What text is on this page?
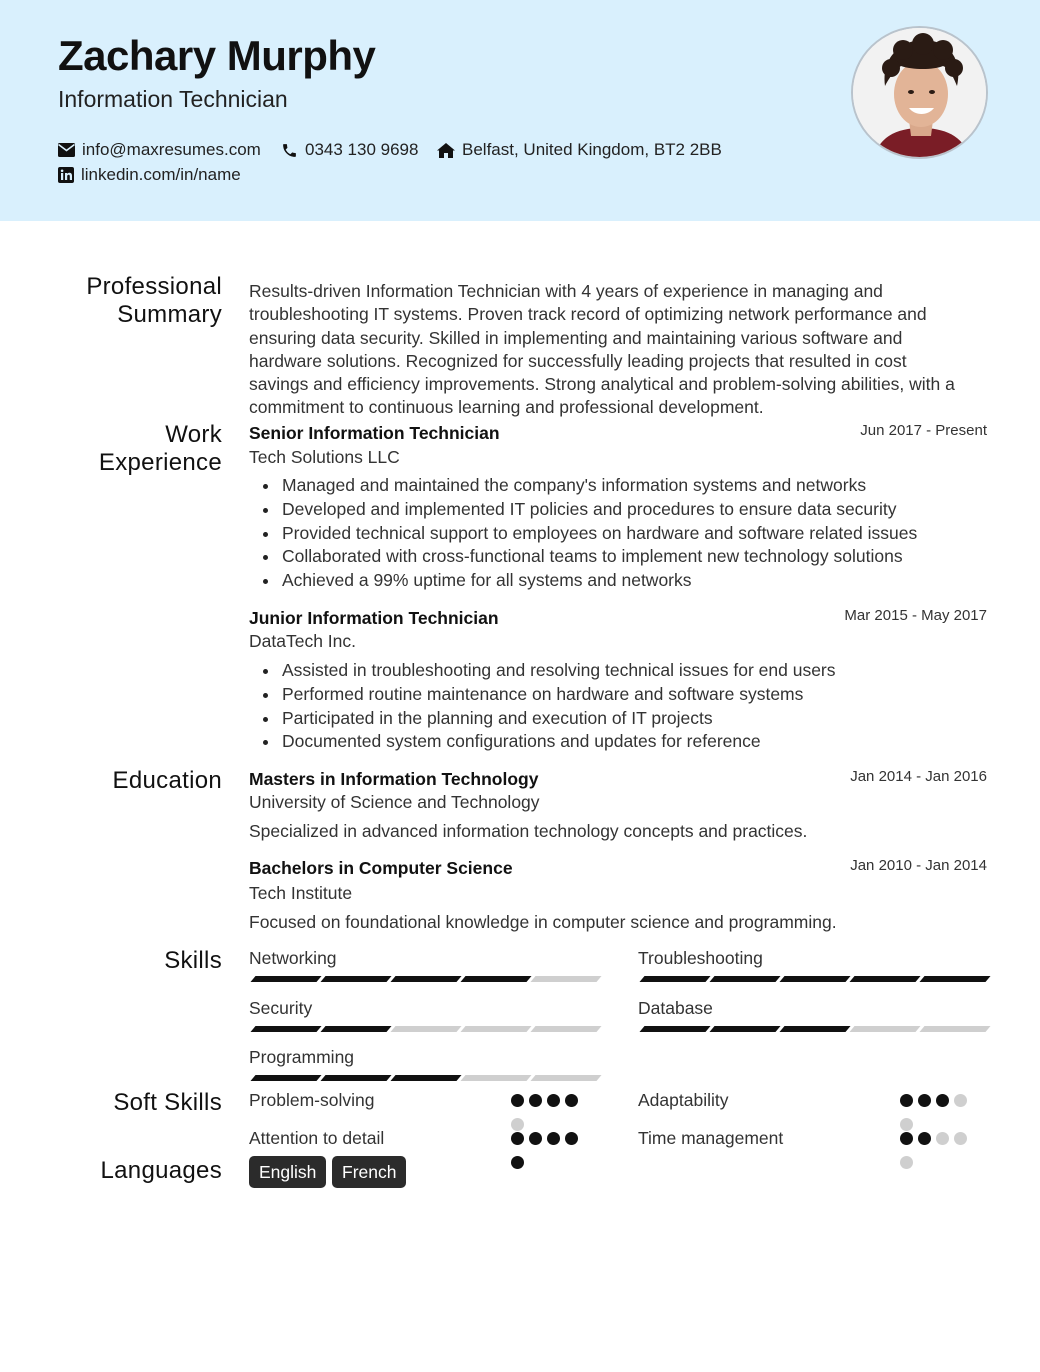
Zachary Murphy
Information Technician
info@maxresumes.com	0343 130 9698	Belfast, United Kingdom, BT2 2BB
linkedin.com/in/name
Professional
Summary
Results-driven Information Technician with 4 years of experience in managing and
troubleshooting IT systems. Proven track record of optimizing network performance and
ensuring data security. Skilled in implementing and maintaining various software and
hardware solutions. Recognized for successfully leading projects that resulted in cost
savings and efficiency improvements. Strong analytical and problem-solving abilities, with a
commitment to continuous learning and professional development.
Work
Experience
Senior Information Technician	Jun 2017 - Present
Tech Solutions LLC
Managed and maintained the company's information systems and networks
Developed and implemented IT policies and procedures to ensure data security
Provided technical support to employees on hardware and software related issues
Collaborated with cross-functional teams to implement new technology solutions
Achieved a 99% uptime for all systems and networks
Junior Information Technician	Mar 2015 - May 2017
DataTech Inc.
Assisted in troubleshooting and resolving technical issues for end users
Performed routine maintenance on hardware and software systems
Participated in the planning and execution of IT projects
Documented system configurations and updates for reference
Education Masters in Information Technology	Jan 2014 - Jan 2016
University of Science and Technology
Specialized in advanced information technology concepts and practices.
Bachelors in Computer Science	Jan 2010 - Jan 2014
Tech Institute
Focused on foundational knowledge in computer science and programming.
Skills Networking	Troubleshooting
Security	Database
Programming
Soft Skills Problem-solving	Adaptability
Attention to detail	Time management
Languages	English	French
